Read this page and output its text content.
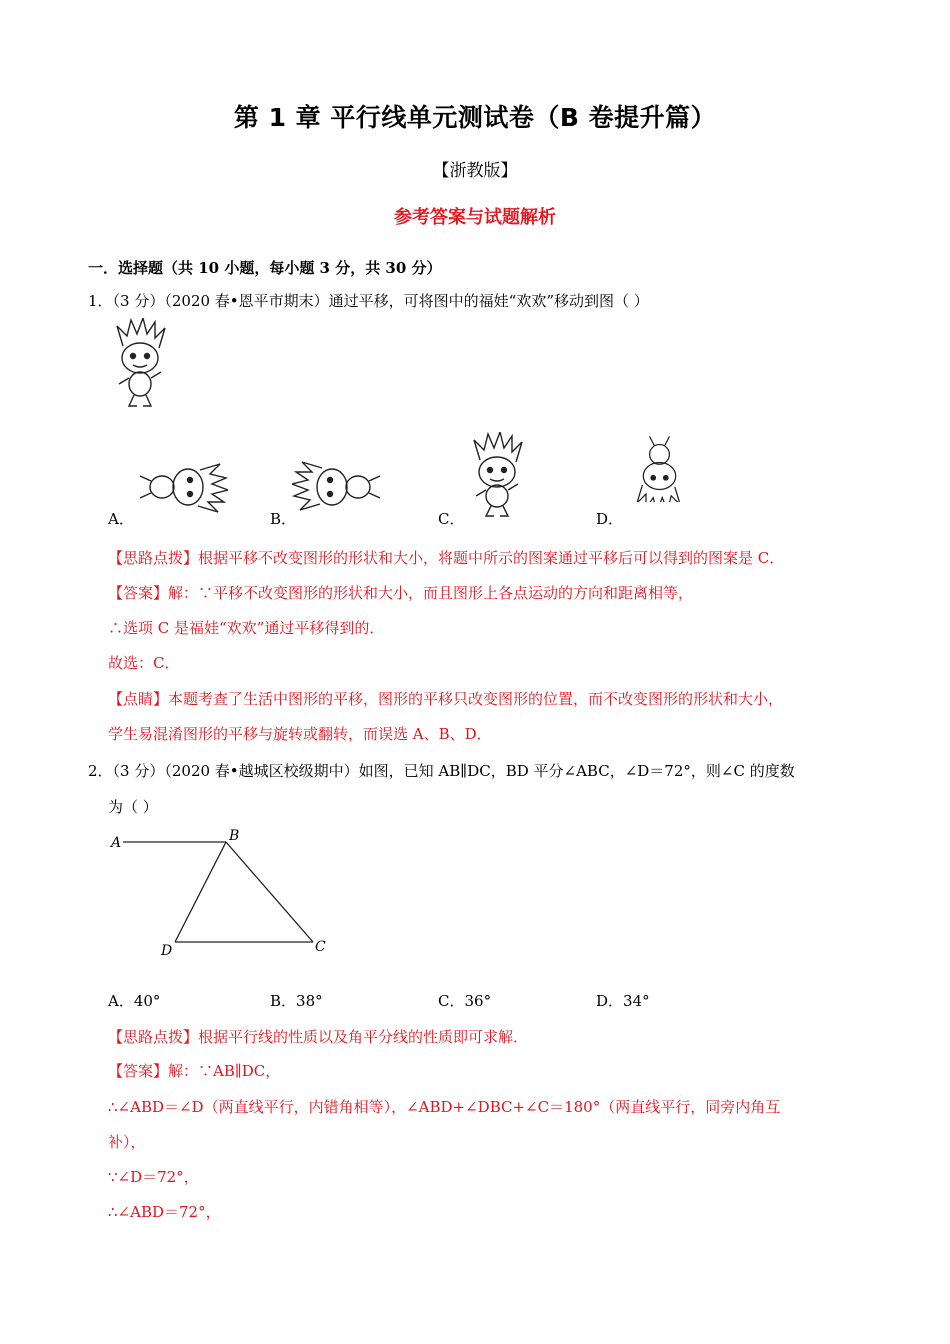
第 1 章 平行线单元测试卷（B 卷提升篇）
【浙教版】
参考答案与试题解析
一．选择题（共 10 小题，每小题 3 分，共 30 分）
1．（3 分）（2020 春•恩平市期末）通过平移，可将图中的福娃“欢欢”移动到图（ ）
A．	B．	C．	D．
【思路点拨】根据平移不改变图形的形状和大小，将题中所示的图案通过平移后可以得到的图案是 C．
【答案】解：∵平移不改变图形的形状和大小，而且图形上各点运动的方向和距离相等，
∴选项 C 是福娃“欢欢”通过平移得到的．
故选：C．
【点睛】本题考查了生活中图形的平移，图形的平移只改变图形的位置，而不改变图形的形状和大小，
学生易混淆图形的平移与旋转或翻转，而误选 A、B、D．
2．（3 分）（2020 春•越城区校级期中）如图，已知 AB∥DC，BD 平分∠ABC，∠D＝72°，则∠C 的度数
为（ ）
A	B
D	C
A．40°	B．38°	C．36°	D．34°
【思路点拨】根据平行线的性质以及角平分线的性质即可求解．
【答案】解：∵AB∥DC，
∴∠ABD＝∠D（两直线平行，内错角相等），∠ABD+∠DBC+∠C＝180°（两直线平行，同旁内角互
补），
∵∠D＝72°，
∴∠ABD＝72°，
